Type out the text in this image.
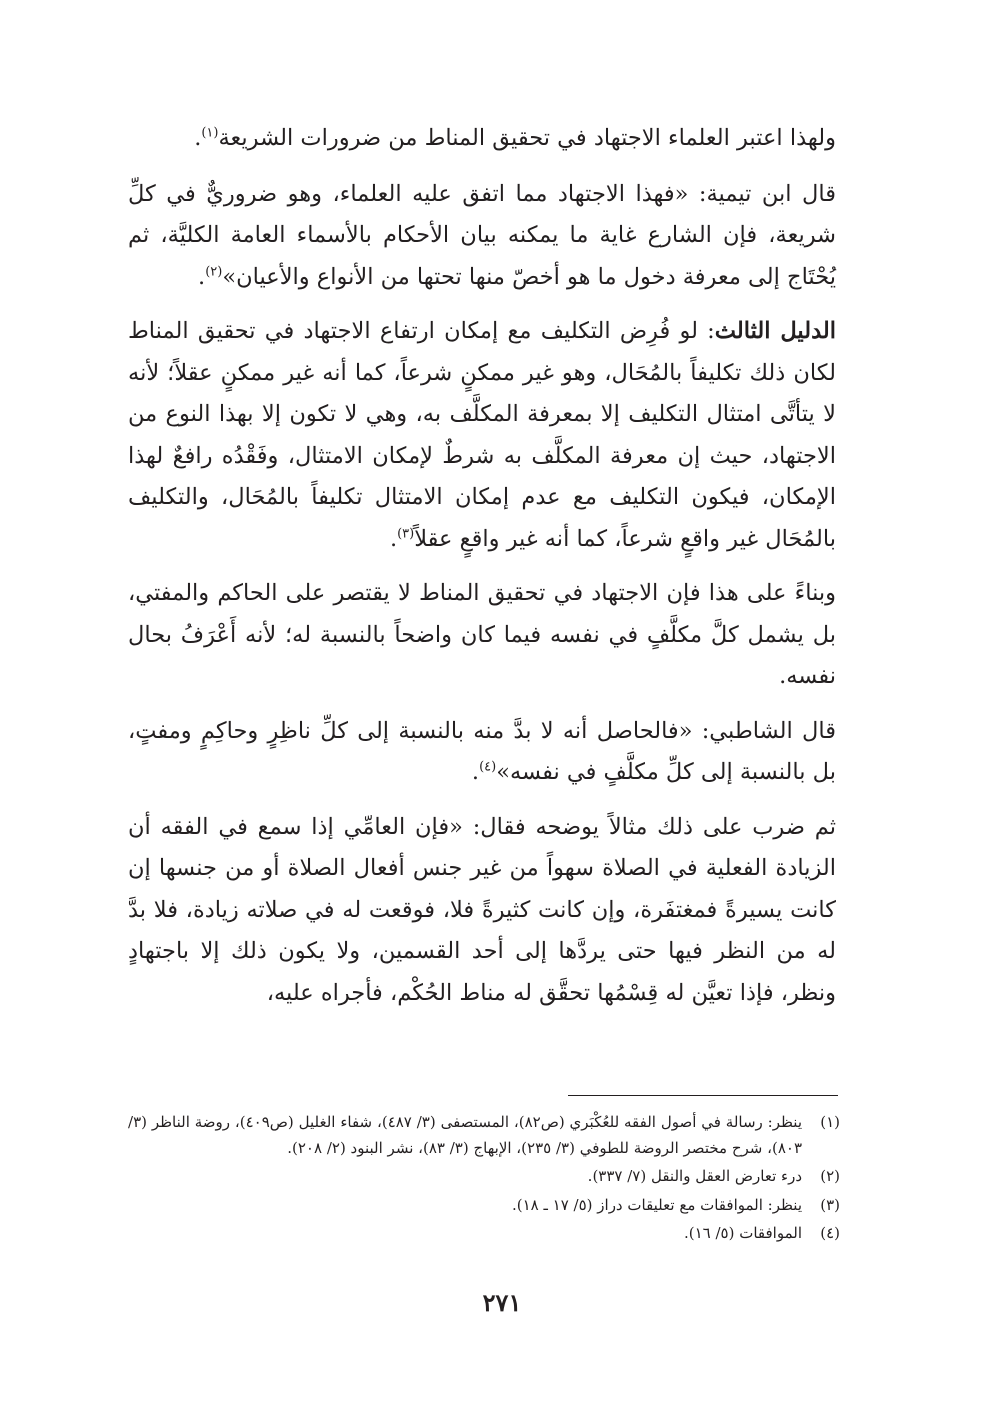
ولهذا اعتبر العلماء الاجتهاد في تحقيق المناط من ضرورات الشريعة$^{(١)}$.

قال ابن تيمية: «فهذا الاجتهاد مما اتفق عليه العلماء، وهو ضروريٌّ في كلِّ شريعة، فإن الشارع غاية ما يمكنه بيان الأحكام بالأسماء العامة الكليَّة، ثم يُحْتَاج إلى معرفة دخول ما هو أخصّ منها تحتها من الأنواع والأعيان»$^{(٢)}$.

الدليل الثالث: لو فُرِض التكليف مع إمكان ارتفاع الاجتهاد في تحقيق المناط لكان ذلك تكليفاً بالمُحَال، وهو غير ممكنٍ شرعاً، كما أنه غير ممكنٍ عقلاً؛ لأنه لا يتأتَّى امتثال التكليف إلا بمعرفة المكلَّف به، وهي لا تكون إلا بهذا النوع من الاجتهاد، حيث إن معرفة المكلَّف به شرطٌ لإمكان الامتثال، وفَقْدُه رافعٌ لهذا الإمكان، فيكون التكليف مع عدم إمكان الامتثال تكليفاً بالمُحَال، والتكليف بالمُحَال غير واقعٍ شرعاً، كما أنه غير واقعٍ عقلاً$^{(٣)}$.

وبناءً على هذا فإن الاجتهاد في تحقيق المناط لا يقتصر على الحاكم والمفتي، بل يشمل كلَّ مكلَّفٍ في نفسه فيما كان واضحاً بالنسبة له؛ لأنه أَعْرَفُ بحال نفسه.

قال الشاطبي: «فالحاصل أنه لا بدَّ منه بالنسبة إلى كلِّ ناظِرٍ وحاكِمٍ ومفتٍ، بل بالنسبة إلى كلِّ مكلَّفٍ في نفسه»$^{(٤)}$.

ثم ضرب على ذلك مثالاً يوضحه فقال: «فإن العامِّي إذا سمع في الفقه أن الزيادة الفعلية في الصلاة سهواً من غير جنس أفعال الصلاة أو من جنسها إن كانت يسيرةً فمغتفَرة، وإن كانت كثيرةً فلا، فوقعت له في صلاته زيادة، فلا بدَّ له من النظر فيها حتى يردَّها إلى أحد القسمين، ولا يكون ذلك إلا باجتهادٍ ونظر، فإذا تعيَّن له قِسْمُها تحقَّق له مناط الحُكْم، فأجراه عليه،

(١)
ينظر: رسالة في أصول الفقه للعُكْبَري (ص٨٢)، المستصفى (٣/ ٤٨٧)، شفاء الغليل (ص٤٠٩)، روضة الناظر (٣/ ٨٠٣)، شرح مختصر الروضة للطوفي (٣/ ٢٣٥)، الإبهاج (٣/ ٨٣)، نشر البنود (٢/ ٢٠٨).
(٢)
درء تعارض العقل والنقل (٧/ ٣٣٧).
(٣)
ينظر: الموافقات مع تعليقات دراز (٥/ ١٧ ـ ١٨).
(٤)
الموافقات (٥/ ١٦).
٢٧١
